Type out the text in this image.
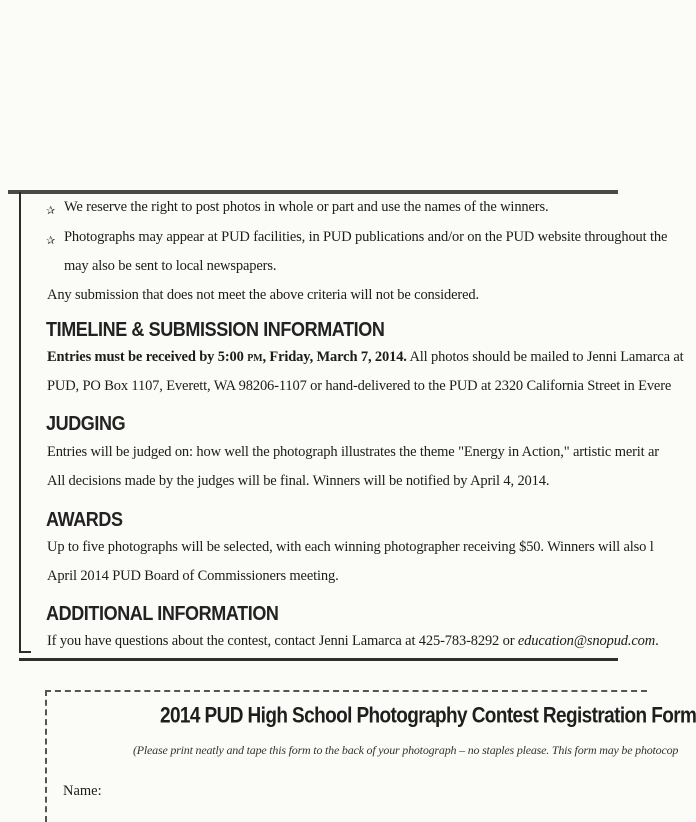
✰ We reserve the right to post photos in whole or part and use the names of the winners.
✰ Photographs may appear at PUD facilities, in PUD publications and/or on the PUD website throughout the
may also be sent to local newspapers.
Any submission that does not meet the above criteria will not be considered.
TIMELINE & SUBMISSION INFORMATION
Entries must be received by 5:00 PM, Friday, March 7, 2014. All photos should be mailed to Jenni Lamarca at
PUD, PO Box 1107, Everett, WA 98206-1107 or hand-delivered to the PUD at 2320 California Street in Evere
JUDGING
Entries will be judged on: how well the photograph illustrates the theme "Energy in Action," artistic merit ar
All decisions made by the judges will be final. Winners will be notified by April 4, 2014.
AWARDS
Up to five photographs will be selected, with each winning photographer receiving $50. Winners will also l
April 2014 PUD Board of Commissioners meeting.
ADDITIONAL INFORMATION
If you have questions about the contest, contact Jenni Lamarca at 425-783-8292 or education@snopud.com.
2014 PUD High School Photography Contest Registration Form
(Please print neatly and tape this form to the back of your photograph – no staples please. This form may be photocop
Name:
